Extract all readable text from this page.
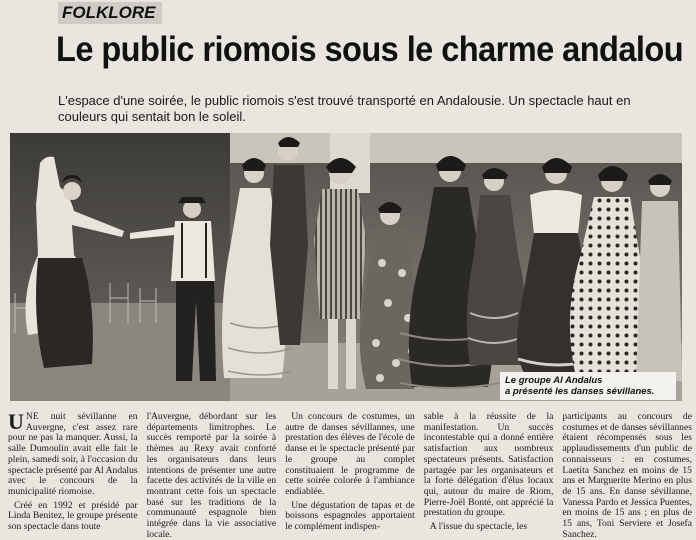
FOLKLORE
Le public riomois sous le charme andalou
L'espace d'une soirée, le public riomois s'est trouvé transporté en Andalousie. Un spectacle haut en couleurs qui sentait bon le soleil.
Le groupe Al Andalus
a présenté les danses sévillanes.

UNE nuit sévillanne en Auvergne, c'est assez rare pour ne pas la manquer. Aussi, la salle Dumoulin avait elle fait le plein, samedi soir, à l'occasion du spectacle présenté par Al Andalus avec le concours de la municipalité riomoise.

Créé en 1992 et présidé par Linda Benitez, le groupe présente son spectacle dans toute

l'Auvergne, débordant sur les départements limitrophes. Le succès remporté par la soirée à thèmes au Rexy avait conforté les organisateurs dans leurs intentions de présenter une autre facette des activités de la ville en montrant cette fois un spectacle basé sur les traditions de la communauté espagnole bien intégrée dans la vie associative locale.

Un concours de costumes, un autre de danses sévillannes, une prestation des élèves de l'école de danse et le spectacle présenté par le groupe au complet constituaient le programme de cette soirée colorée à l'ambiance endiablée.

Une dégustation de tapas et de boissons espagnoles apportaient le complément indispen-

sable à la réussite de la manifestation. Un succès incontestable qui a donné entière satisfaction aux nombreux spectateurs présents. Satisfaction partagée par les organisateurs et la forte délégation d'élus locaux qui, autour du maire de Riom, Pierre-Joël Bonté, ont apprécié la prestation du groupe.

A l'issue du spectacle, les

participants au concours de costumes et de danses sévillannes étaient récompensés sous les applaudissements d'un public de connaisseurs : en costumes, Laetita Sanchez en moins de 15 ans et Marguerite Merino en plus de 15 ans. En danse sévillanne, Vanessa Pardo et Jessica Puentes, en moins de 15 ans ; en plus de 15 ans, Toni Serviere et Josefa Sanchez.
